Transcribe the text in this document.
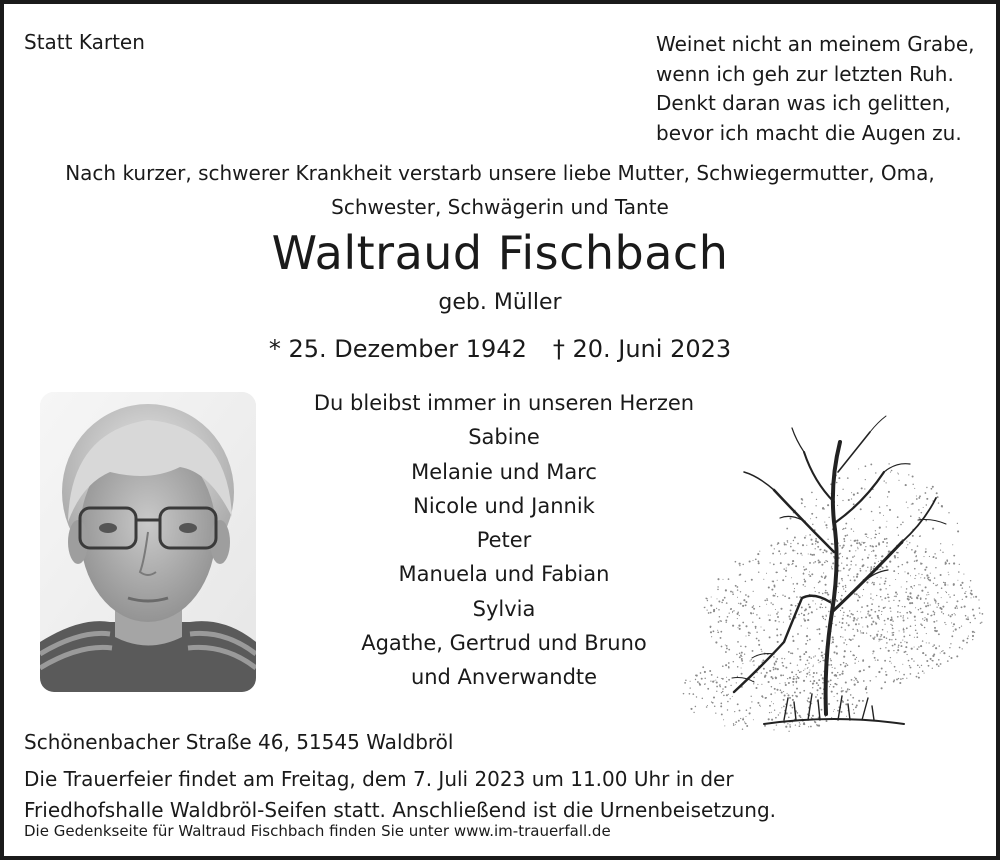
Statt Karten	Weinet nicht an meinem Grabe,
wenn ich geh zur letzten Ruh.
Denkt daran was ich gelitten,
bevor ich macht die Augen zu.
Nach kurzer, schwerer Krankheit verstarb unsere liebe Mutter, Schwiegermutter, Oma,
Schwester, Schwägerin und Tante

Waltraud Fischbach

geb. Müller

* 25. Dezember 1942 † 20. Juni 2023

Du bleibst immer in unseren Herzen
Sabine
Melanie und Marc
Nicole und Jannik
Peter
Manuela und Fabian
Sylvia
Agathe, Gertrud und Bruno
und Anverwandte

Schönenbacher Straße 46, 51545 Waldbröl

Die Trauerfeier findet am Freitag, dem 7. Juli 2023 um 11.00 Uhr in der
Friedhofshalle Waldbröl-Seifen statt. Anschließend ist die Urnenbeisetzung.

Die Gedenkseite für Waltraud Fischbach finden Sie unter www.im-trauerfall.de
